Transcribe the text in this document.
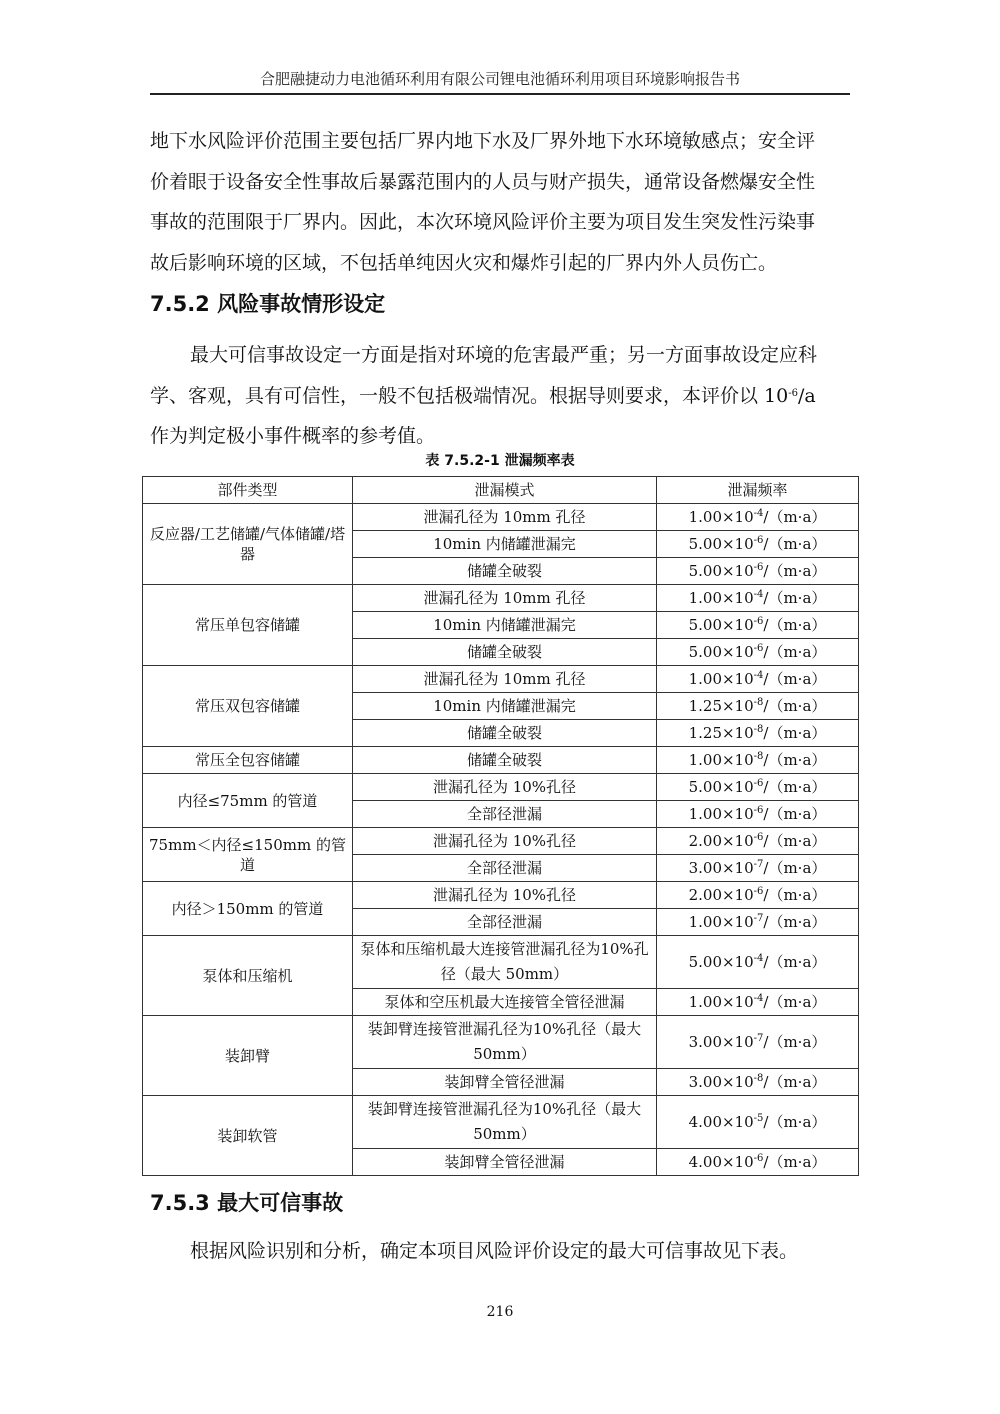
合肥融捷动力电池循环利用有限公司锂电池循环利用项目环境影响报告书

地下水风险评价范围主要包括厂界内地下水及厂界外地下水环境敏感点；安全评
价着眼于设备安全性事故后暴露范围内的人员与财产损失，通常设备燃爆安全性
事故的范围限于厂界内。因此，本次环境风险评价主要为项目发生突发性污染事
故后影响环境的区域，不包括单纯因火灾和爆炸引起的厂界内外人员伤亡。

7.5.2 风险事故情形设定

最大可信事故设定一方面是指对环境的危害最严重；另一方面事故设定应科
学、客观，具有可信性，一般不包括极端情况。根据导则要求，本评价以 $10^{-6}/a$
作为判定极小事件概率的参考值。

表 7.5.2-1 泄漏频率表
部件类型	泄漏模式	泄漏频率
反应器/工艺储罐/气体储罐/塔器	泄漏孔径为 10mm 孔径	$1.00\times 10^{-4}/(m\cdot a)$
	10min 内储罐泄漏完	$5.00\times 10^{-6}/(m\cdot a)$
	储罐全破裂	$5.00\times 10^{-6}/(m\cdot a)$
常压单包容储罐	泄漏孔径为 10mm 孔径	$1.00\times 10^{-4}/(m\cdot a)$
	10min 内储罐泄漏完	$5.00\times 10^{-6}/(m\cdot a)$
	储罐全破裂	$5.00\times 10^{-6}/(m\cdot a)$
常压双包容储罐	泄漏孔径为 10mm 孔径	$1.00\times 10^{-4}/(m\cdot a)$
	10min 内储罐泄漏完	$1.25\times 10^{-8}/(m\cdot a)$
	储罐全破裂	$1.25\times 10^{-8}/(m\cdot a)$
常压全包容储罐	储罐全破裂	$1.00\times 10^{-8}/(m\cdot a)$
内径≤75mm 的管道	泄漏孔径为 10%孔径	$5.00\times 10^{-6}/(m\cdot a)$
	全部径泄漏	$1.00\times 10^{-6}/(m\cdot a)$
75mm＜内径≤150mm 的管道	泄漏孔径为 10%孔径	$2.00\times 10^{-6}/(m\cdot a)$
	全部径泄漏	$3.00\times 10^{-7}/(m\cdot a)$
内径＞150mm 的管道	泄漏孔径为 10%孔径	$2.00\times 10^{-6}/(m\cdot a)$
	全部径泄漏	$1.00\times 10^{-7}/(m\cdot a)$
泵体和压缩机	泵体和压缩机最大连接管泄漏孔径为10%孔径（最大 50mm）	$5.00\times 10^{-4}/(m\cdot a)$
	泵体和空压机最大连接管全管径泄漏	$1.00\times 10^{-4}/(m\cdot a)$
装卸臂	装卸臂连接管泄漏孔径为10%孔径（最大 50mm）	$3.00\times 10^{-7}/(m\cdot a)$
	装卸臂全管径泄漏	$3.00\times 10^{-8}/(m\cdot a)$
装卸软管	装卸臂连接管泄漏孔径为10%孔径（最大 50mm）	$4.00\times 10^{-5}/(m\cdot a)$
	装卸臂全管径泄漏	$4.00\times 10^{-6}/(m\cdot a)$
7.5.3 最大可信事故

根据风险识别和分析，确定本项目风险评价设定的最大可信事故见下表。

216
